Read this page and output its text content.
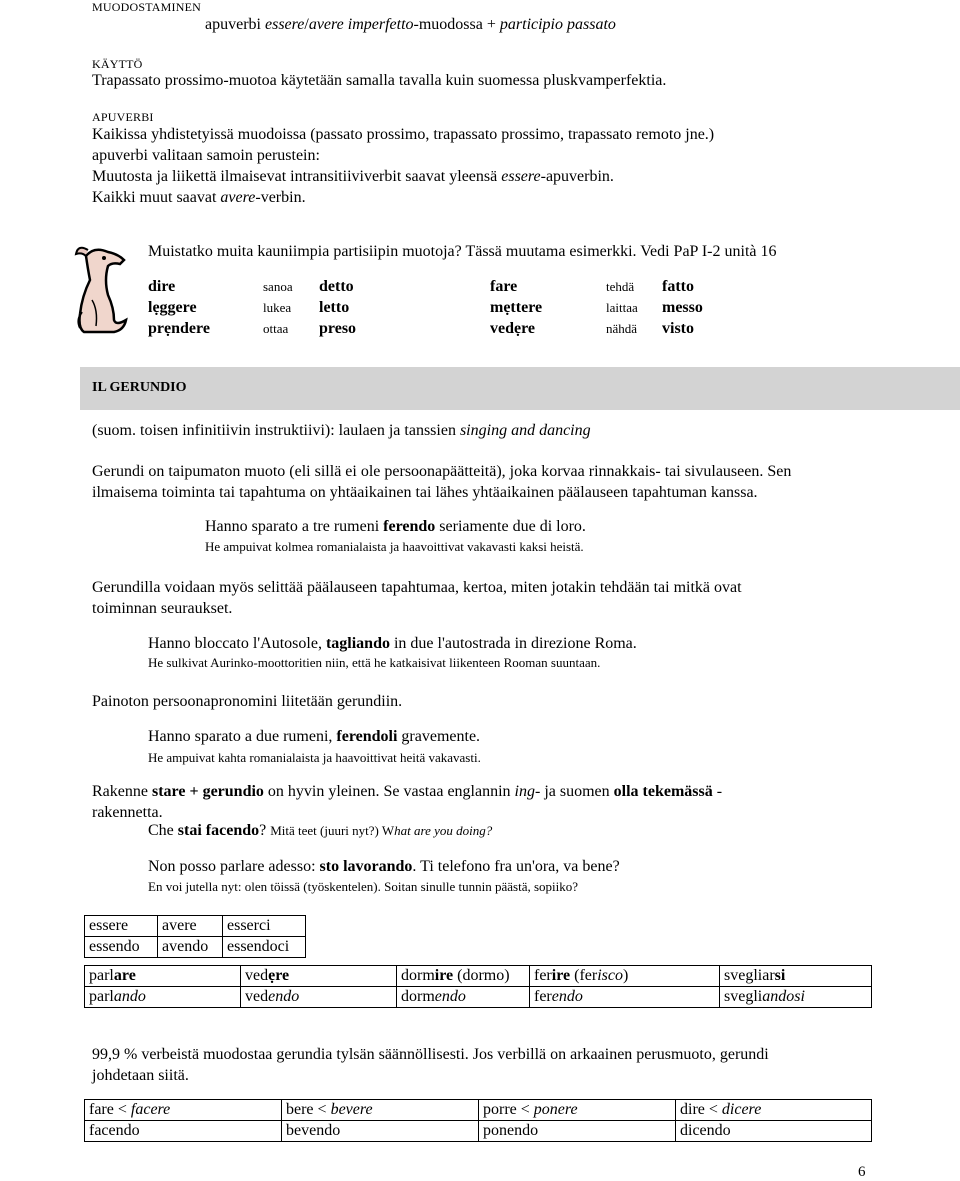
MUODOSTAMINEN
apuverbi essere/avere imperfetto-muodossa + participio passato
KÄYTTÖ
Trapassato prossimo-muotoa käytetään samalla tavalla kuin suomessa pluskvamperfektia.
APUVERBI
Kaikissa yhdistetyissä muodoissa (passato prossimo, trapassato prossimo, trapassato remoto jne.)
apuverbi valitaan samoin perustein:
Muutosta ja liikettä ilmaisevat intransitiiviverbit saavat yleensä essere-apuverbin.
Kaikki muut saavat avere-verbin.
Muistatko muita kauniimpia partisiipin muotoja? Tässä muutama esimerkki. Vedi PaP I-2 unità 16
dire	sanoa	detto	fare	tehdä	fatto
lẹggere	lukea	letto	mẹttere	laittaa	messo
prẹndere	ottaa	preso	vedẹre	nähdä	visto
IL GERUNDIO
(suom. toisen infinitiivin instruktiivi): laulaen ja tanssien singing and dancing
Gerundi on taipumaton muoto (eli sillä ei ole persoonapäätteitä), joka korvaa rinnakkais- tai sivulauseen. Sen
ilmaisema toiminta tai tapahtuma on yhtäaikainen tai lähes yhtäaikainen päälauseen tapahtuman kanssa.
Hanno sparato a tre rumeni ferendo seriamente due di loro.
He ampuivat kolmea romanialaista ja haavoittivat vakavasti kaksi heistä.
Gerundilla voidaan myös selittää päälauseen tapahtumaa, kertoa, miten jotakin tehdään tai mitkä ovat
toiminnan seuraukset.
Hanno bloccato l'Autosole, tagliando in due l'autostrada in direzione Roma.
He sulkivat Aurinko-moottoritien niin, että he katkaisivat liikenteen Rooman suuntaan.
Painoton persoonapronomini liitetään gerundiin.
Hanno sparato a due rumeni, ferendoli gravemente.
He ampuivat kahta romanialaista ja haavoittivat heitä vakavasti.
Rakenne stare + gerundio on hyvin yleinen. Se vastaa englannin ing- ja suomen olla tekemässä -
rakennetta.
Che stai facendo? Mitä teet (juuri nyt?) What are you doing?
Non posso parlare adesso: sto lavorando. Ti telefono fra un'ora, va bene?
En voi jutella nyt: olen töissä (työskentelen). Soitan sinulle tunnin päästä, sopiiko?
essere	avere	esserci
essendo	avendo	essendoci
parlare	vedẹre	dormire (dormo)	ferire (ferisco)	svegliarsi
parlando	vedendo	dormendo	ferendo	svegliandosi
99,9 % verbeistä muodostaa gerundia tylsän säännöllisesti. Jos verbillä on arkaainen perusmuoto, gerundi
johdetaan siitä.
fare < facere	bere < bevere	porre < ponere	dire < dicere
facendo	bevendo	ponendo	dicendo
6
